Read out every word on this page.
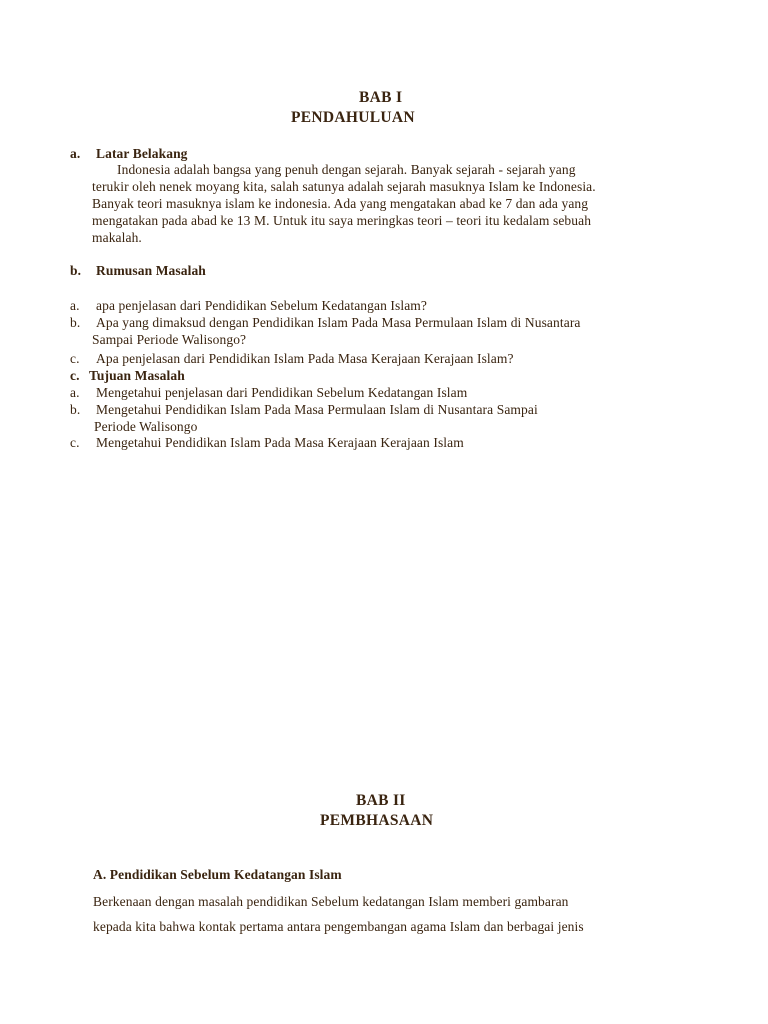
BAB I
PENDAHULUAN
a. Latar Belakang
Indonesia adalah bangsa yang penuh dengan sejarah. Banyak sejarah - sejarah yang
terukir oleh nenek moyang kita, salah satunya adalah sejarah masuknya Islam ke Indonesia.
Banyak teori masuknya islam ke indonesia. Ada yang mengatakan abad ke 7 dan ada yang
mengatakan pada abad ke 13 M. Untuk itu saya meringkas teori – teori itu kedalam sebuah
makalah.
b. Rumusan Masalah
a. apa penjelasan dari Pendidikan Sebelum Kedatangan Islam?
b. Apa yang dimaksud dengan Pendidikan Islam Pada Masa Permulaan Islam di Nusantara
Sampai Periode Walisongo?
c. Apa penjelasan dari Pendidikan Islam Pada Masa Kerajaan Kerajaan Islam?
c. Tujuan Masalah
a. Mengetahui penjelasan dari Pendidikan Sebelum Kedatangan Islam
b. Mengetahui Pendidikan Islam Pada Masa Permulaan Islam di Nusantara Sampai
Periode Walisongo
c. Mengetahui Pendidikan Islam Pada Masa Kerajaan Kerajaan Islam
BAB II
PEMBHASAAN
A. Pendidikan Sebelum Kedatangan Islam
Berkenaan dengan masalah pendidikan Sebelum kedatangan Islam memberi gambaran
kepada kita bahwa kontak pertama antara pengembangan agama Islam dan berbagai jenis
